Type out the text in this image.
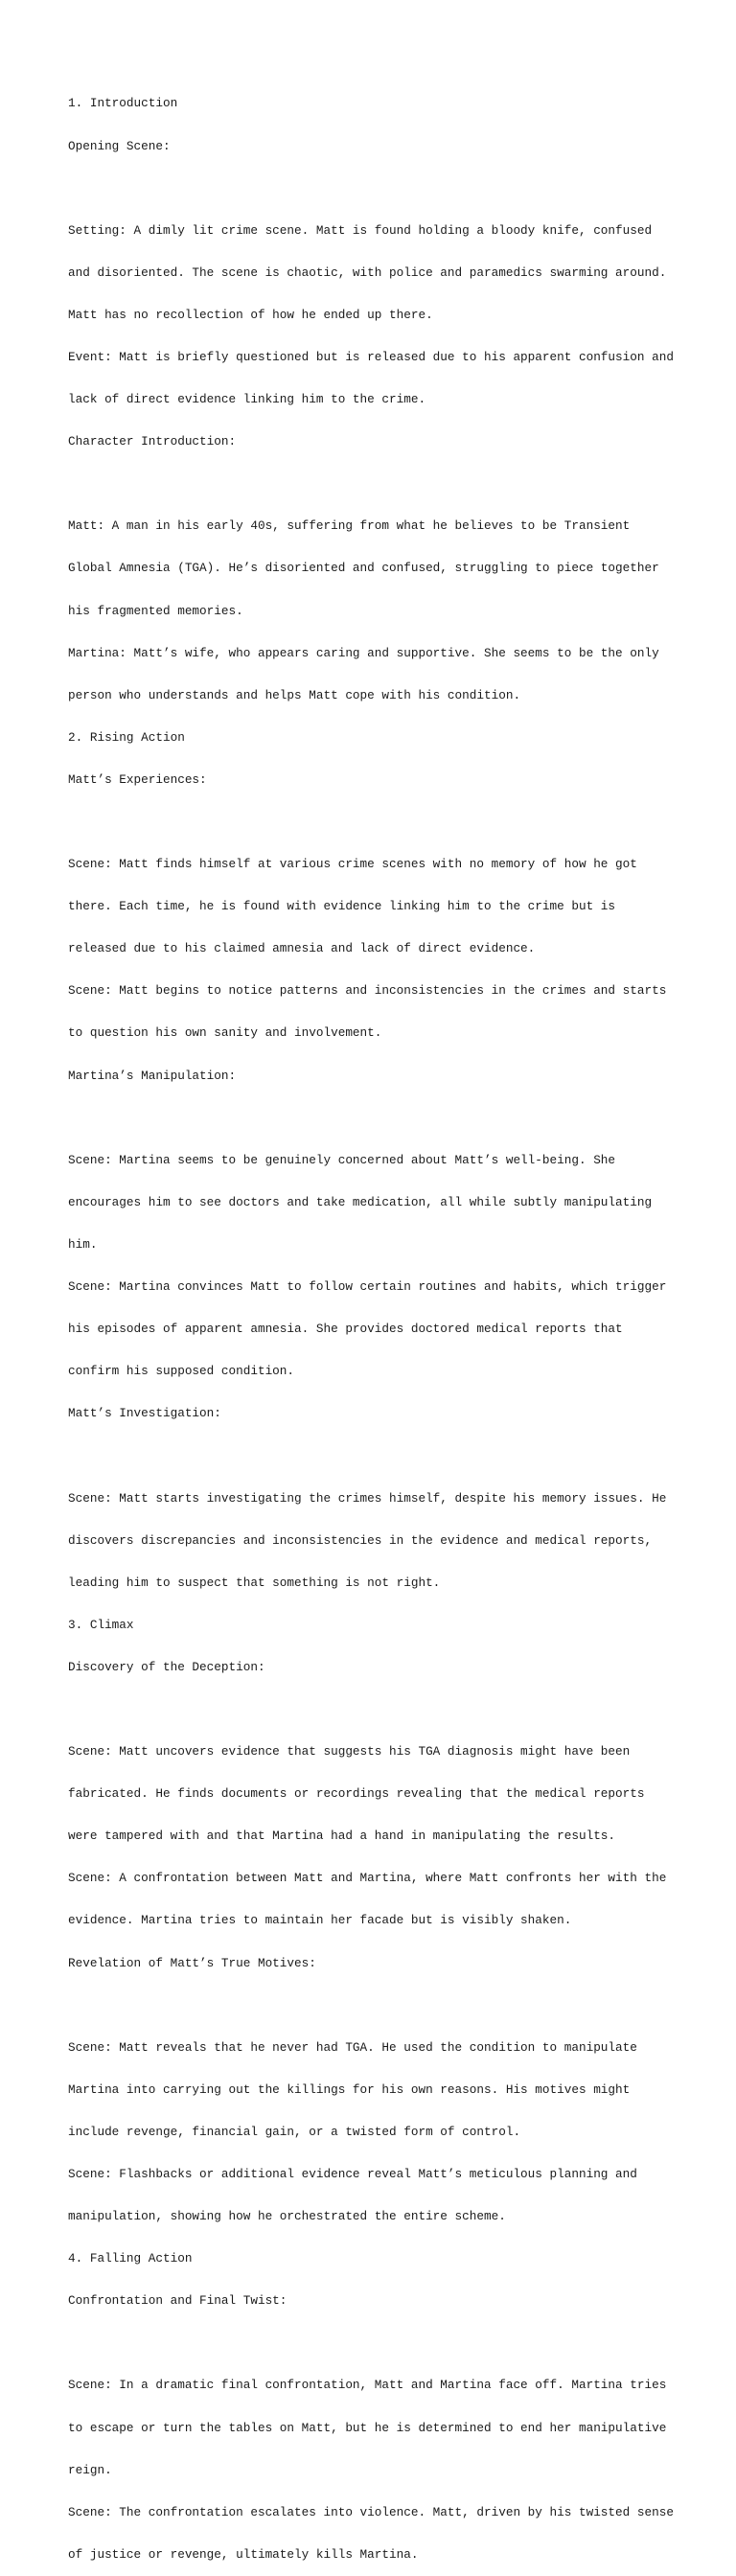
1. Introduction

Opening Scene:

Setting: A dimly lit crime scene. Matt is found holding a bloody knife, confused

and disoriented. The scene is chaotic, with police and paramedics swarming around.

Matt has no recollection of how he ended up there.

Event: Matt is briefly questioned but is released due to his apparent confusion and

lack of direct evidence linking him to the crime.

Character Introduction:

Matt: A man in his early 40s, suffering from what he believes to be Transient

Global Amnesia (TGA). He’s disoriented and confused, struggling to piece together

his fragmented memories.

Martina: Matt’s wife, who appears caring and supportive. She seems to be the only

person who understands and helps Matt cope with his condition.

2. Rising Action

Matt’s Experiences:

Scene: Matt finds himself at various crime scenes with no memory of how he got

there. Each time, he is found with evidence linking him to the crime but is

released due to his claimed amnesia and lack of direct evidence.

Scene: Matt begins to notice patterns and inconsistencies in the crimes and starts

to question his own sanity and involvement.

Martina’s Manipulation:

Scene: Martina seems to be genuinely concerned about Matt’s well-being. She

encourages him to see doctors and take medication, all while subtly manipulating

him.

Scene: Martina convinces Matt to follow certain routines and habits, which trigger

his episodes of apparent amnesia. She provides doctored medical reports that

confirm his supposed condition.

Matt’s Investigation:

Scene: Matt starts investigating the crimes himself, despite his memory issues. He

discovers discrepancies and inconsistencies in the evidence and medical reports,

leading him to suspect that something is not right.

3. Climax

Discovery of the Deception:

Scene: Matt uncovers evidence that suggests his TGA diagnosis might have been

fabricated. He finds documents or recordings revealing that the medical reports

were tampered with and that Martina had a hand in manipulating the results.

Scene: A confrontation between Matt and Martina, where Matt confronts her with the

evidence. Martina tries to maintain her facade but is visibly shaken.

Revelation of Matt’s True Motives:

Scene: Matt reveals that he never had TGA. He used the condition to manipulate

Martina into carrying out the killings for his own reasons. His motives might

include revenge, financial gain, or a twisted form of control.

Scene: Flashbacks or additional evidence reveal Matt’s meticulous planning and

manipulation, showing how he orchestrated the entire scheme.

4. Falling Action

Confrontation and Final Twist:

Scene: In a dramatic final confrontation, Matt and Martina face off. Martina tries

to escape or turn the tables on Matt, but he is determined to end her manipulative

reign.

Scene: The confrontation escalates into violence. Matt, driven by his twisted sense

of justice or revenge, ultimately kills Martina.
